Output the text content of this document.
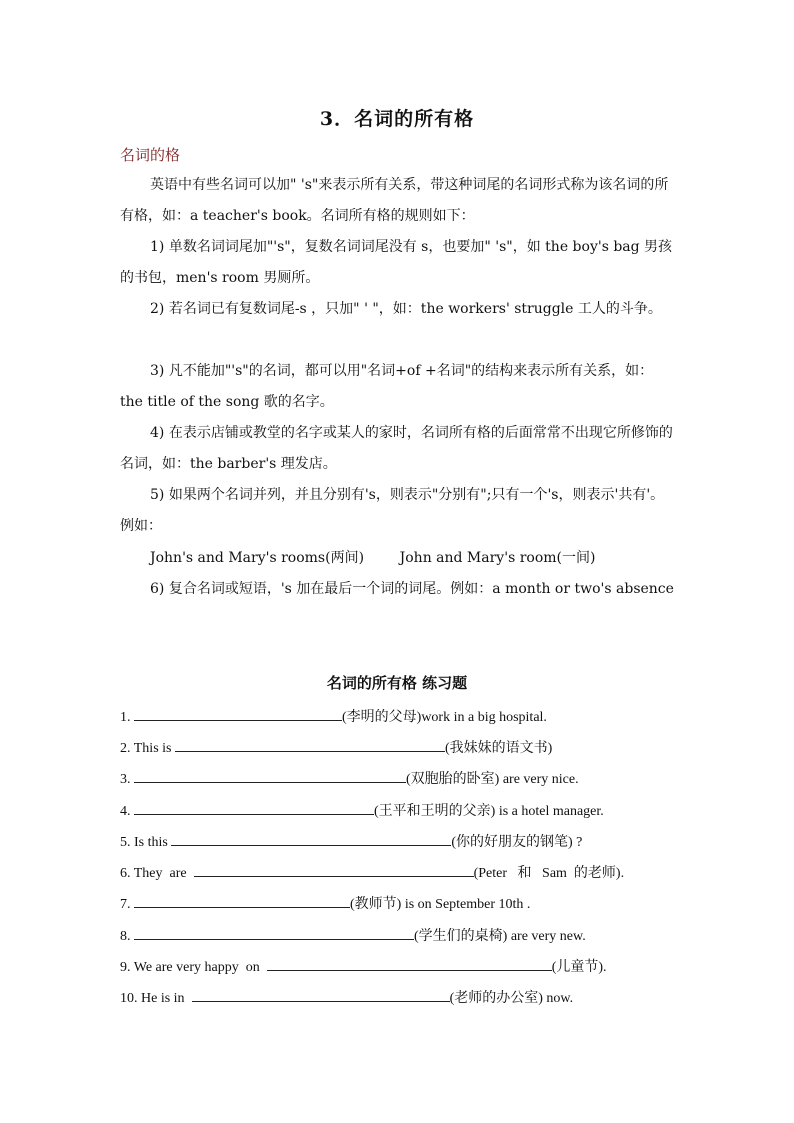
3．名词的所有格
名词的格
英语中有些名词可以加" 's"来表示所有关系，带这种词尾的名词形式称为该名词的所有格，如：a teacher's book。名词所有格的规则如下：
1) 单数名词词尾加"'s"，复数名词词尾没有 s，也要加" 's"，如 the boy's bag 男孩的书包，men's room 男厕所。
2) 若名词已有复数词尾-s ，只加" ' "，如：the workers' struggle 工人的斗争。
3) 凡不能加"'s"的名词，都可以用"名词+of +名词"的结构来表示所有关系，如：the title of the song 歌的名字。
4) 在表示店铺或教堂的名字或某人的家时，名词所有格的后面常常不出现它所修饰的名词，如：the barber's 理发店。
5) 如果两个名词并列，并且分别有's，则表示"分别有";只有一个's，则表示'共有'。例如：
John's and Mary's rooms(两间)        John and Mary's room(一间)
6) 复合名词或短语，'s 加在最后一个词的词尾。例如：a month or two's absence
名词的所有格 练习题
1.	(李明的父母)work in a big hospital.
2. This is	(我妹妹的语文书)
3.	(双胞胎的卧室) are very nice.
4.	(王平和王明的父亲) is a hotel manager.
5. Is this	(你的好朋友的钢笔) ?
6. They  are	(Peter   和   Sam  的老师).
7.	(教师节) is on September 10th .
8.	(学生们的桌椅) are very new.
9. We are very happy  on	(儿童节).
10. He is in	(老师的办公室) now.
